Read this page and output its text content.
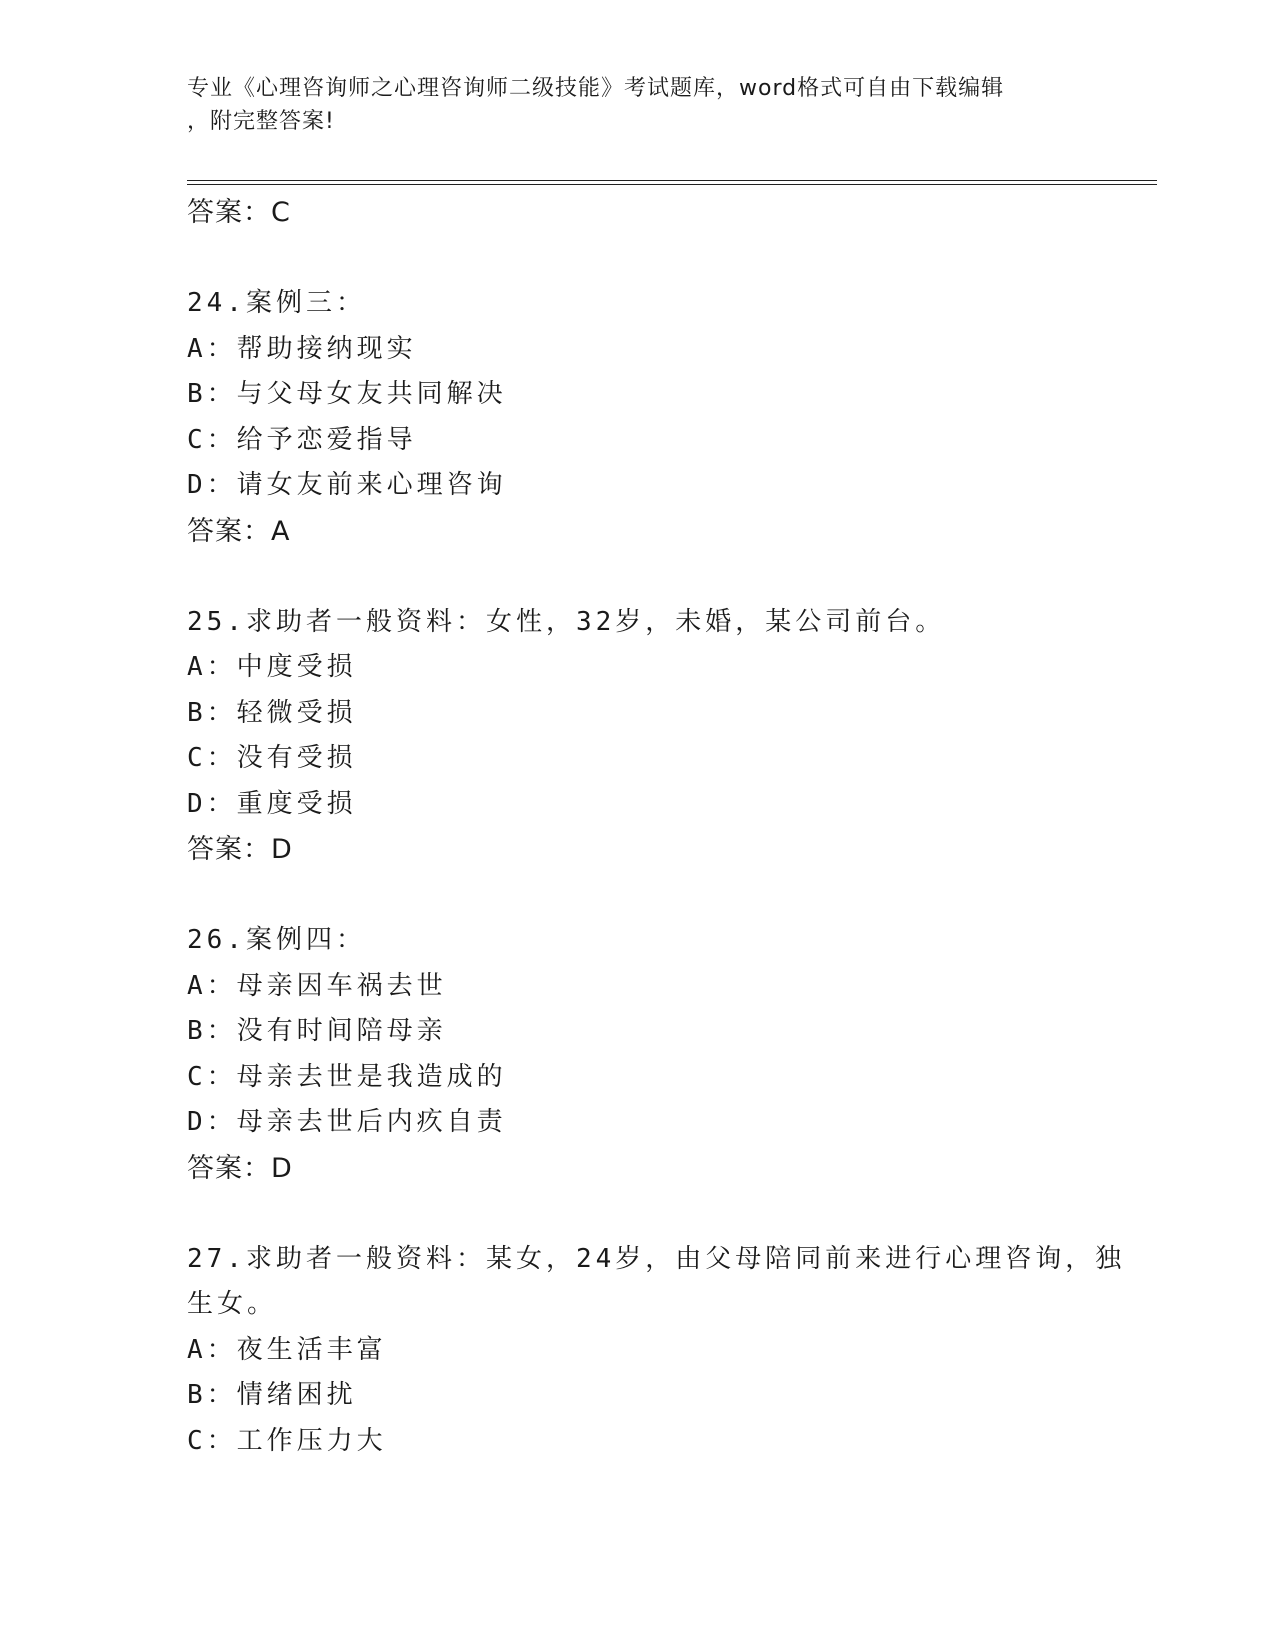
专业《心理咨询师之心理咨询师二级技能》考试题库，word格式可自由下载编辑
，附完整答案!
答案：C
24.案例三：
A：帮助接纳现实
B：与父母女友共同解决
C：给予恋爱指导
D：请女友前来心理咨询
答案：A
25.求助者一般资料：女性，32岁，未婚，某公司前台。
A：中度受损
B：轻微受损
C：没有受损
D：重度受损
答案：D
26.案例四：
A：母亲因车祸去世
B：没有时间陪母亲
C：母亲去世是我造成的
D：母亲去世后内疚自责
答案：D
27.求助者一般资料：某女，24岁，由父母陪同前来进行心理咨询，独
生女。
A：夜生活丰富
B：情绪困扰
C：工作压力大
